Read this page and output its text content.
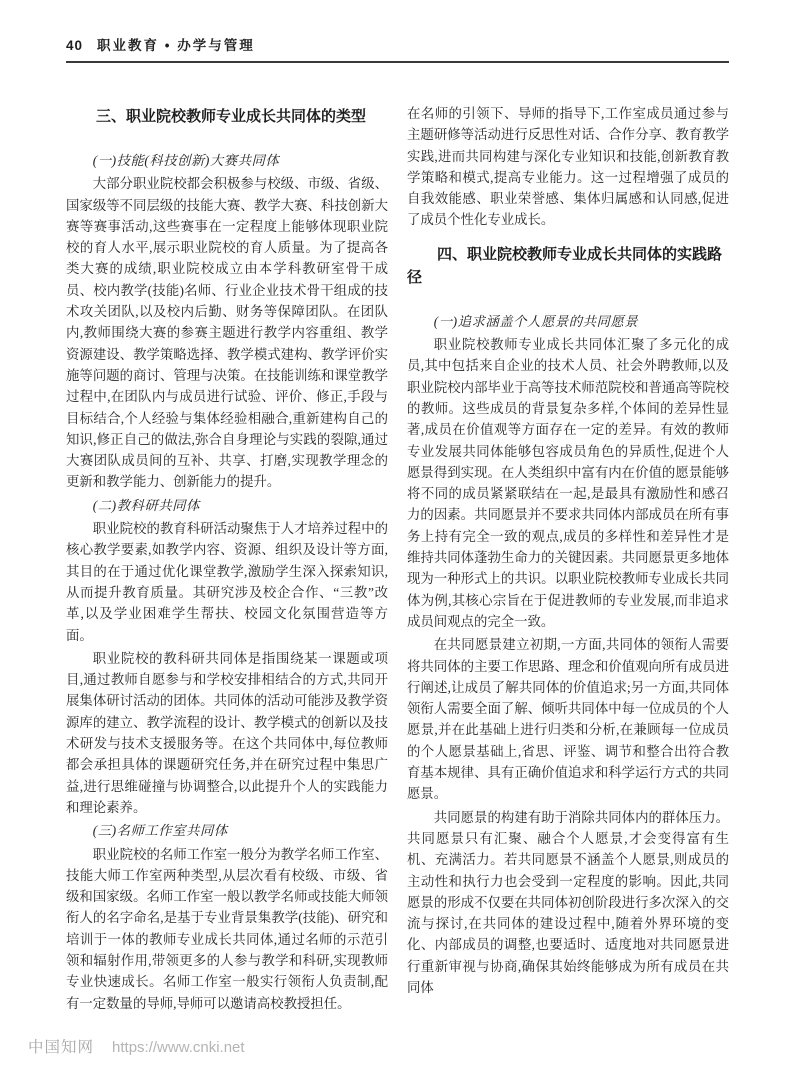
40 职业教育 • 办学与管理
三、职业院校教师专业成长共同体的类型

(一)技能(科技创新)大赛共同体

大部分职业院校都会积极参与校级、市级、省级、国家级等不同层级的技能大赛、教学大赛、科技创新大赛等赛事活动,这些赛事在一定程度上能够体现职业院校的育人水平,展示职业院校的育人质量。为了提高各类大赛的成绩,职业院校成立由本学科教研室骨干成员、校内教学(技能)名师、行业企业技术骨干组成的技术攻关团队,以及校内后勤、财务等保障团队。在团队内,教师围绕大赛的参赛主题进行教学内容重组、教学资源建设、教学策略选择、教学模式建构、教学评价实施等问题的商讨、管理与决策。在技能训练和课堂教学过程中,在团队内与成员进行试验、评价、修正,手段与目标结合,个人经验与集体经验相融合,重新建构自己的知识,修正自己的做法,弥合自身理论与实践的裂隙,通过大赛团队成员间的互补、共享、打磨,实现教学理念的更新和教学能力、创新能力的提升。

(二)教科研共同体

职业院校的教育科研活动聚焦于人才培养过程中的核心教学要素,如教学内容、资源、组织及设计等方面,其目的在于通过优化课堂教学,激励学生深入探索知识,从而提升教育质量。其研究涉及校企合作、“三教”改革,以及学业困难学生帮扶、校园文化氛围营造等方面。

职业院校的教科研共同体是指围绕某一课题或项目,通过教师自愿参与和学校安排相结合的方式,共同开展集体研讨活动的团体。共同体的活动可能涉及教学资源库的建立、教学流程的设计、教学模式的创新以及技术研发与技术支援服务等。在这个共同体中,每位教师都会承担具体的课题研究任务,并在研究过程中集思广益,进行思维碰撞与协调整合,以此提升个人的实践能力和理论素养。

(三)名师工作室共同体

职业院校的名师工作室一般分为教学名师工作室、技能大师工作室两种类型,从层次看有校级、市级、省级和国家级。名师工作室一般以教学名师或技能大师领衔人的名字命名,是基于专业背景集教学(技能)、研究和培训于一体的教师专业成长共同体,通过名师的示范引领和辐射作用,带领更多的人参与教学和科研,实现教师专业快速成长。名师工作室一般实行领衔人负责制,配有一定数量的导师,导师可以邀请高校教授担任。

在名师的引领下、导师的指导下,工作室成员通过参与主题研修等活动进行反思性对话、合作分享、教育教学实践,进而共同构建与深化专业知识和技能,创新教育教学策略和模式,提高专业能力。这一过程增强了成员的自我效能感、职业荣誉感、集体归属感和认同感,促进了成员个性化专业成长。

四、职业院校教师专业成长共同体的实践路径

(一)追求涵盖个人愿景的共同愿景

职业院校教师专业成长共同体汇聚了多元化的成员,其中包括来自企业的技术人员、社会外聘教师,以及职业院校内部毕业于高等技术师范院校和普通高等院校的教师。这些成员的背景复杂多样,个体间的差异性显著,成员在价值观等方面存在一定的差异。有效的教师专业发展共同体能够包容成员角色的异质性,促进个人愿景得到实现。在人类组织中富有内在价值的愿景能够将不同的成员紧紧联结在一起,是最具有激励性和感召力的因素。共同愿景并不要求共同体内部成员在所有事务上持有完全一致的观点,成员的多样性和差异性才是维持共同体蓬勃生命力的关键因素。共同愿景更多地体现为一种形式上的共识。以职业院校教师专业成长共同体为例,其核心宗旨在于促进教师的专业发展,而非追求成员间观点的完全一致。

在共同愿景建立初期,一方面,共同体的领衔人需要将共同体的主要工作思路、理念和价值观向所有成员进行阐述,让成员了解共同体的价值追求;另一方面,共同体领衔人需要全面了解、倾听共同体中每一位成员的个人愿景,并在此基础上进行归类和分析,在兼顾每一位成员的个人愿景基础上,省思、评鉴、调节和整合出符合教育基本规律、具有正确价值追求和科学运行方式的共同愿景。

共同愿景的构建有助于消除共同体内的群体压力。共同愿景只有汇聚、融合个人愿景,才会变得富有生机、充满活力。若共同愿景不涵盖个人愿景,则成员的主动性和执行力也会受到一定程度的影响。因此,共同愿景的形成不仅要在共同体初创阶段进行多次深入的交流与探讨,在共同体的建设过程中,随着外界环境的变化、内部成员的调整,也要适时、适度地对共同愿景进行重新审视与协商,确保其始终能够成为所有成员在共同体

中国知网 https://www.cnki.net
